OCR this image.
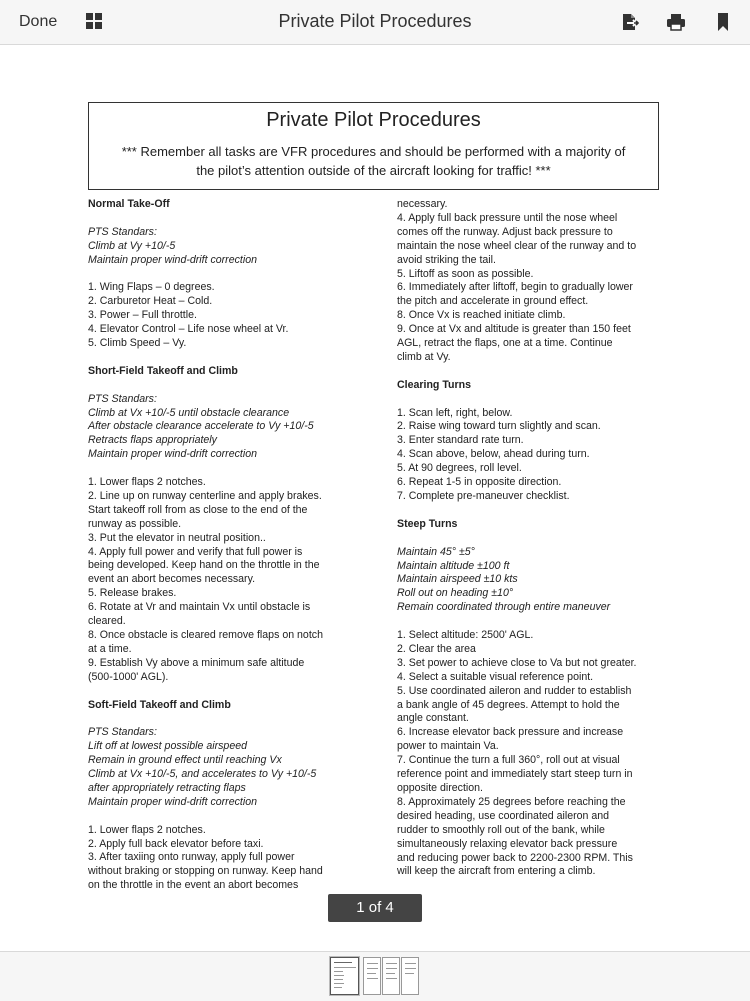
Done	Private Pilot Procedures
Private Pilot Procedures
*** Remember all tasks are VFR procedures and should be performed with a majority of
the pilot’s attention outside of the aircraft looking for traffic! ***
Normal Take-Off
PTS Standars:
Climb at Vy +10/-5
Maintain proper wind-drift correction
1. Wing Flaps – 0 degrees.
2. Carburetor Heat – Cold.
3. Power – Full throttle.
4. Elevator Control – Life nose wheel at Vr.
5. Climb Speed – Vy.
Short-Field Takeoff and Climb
PTS Standars:
Climb at Vx +10/-5 until obstacle clearance
After obstacle clearance accelerate to Vy +10/-5
Retracts flaps appropriately
Maintain proper wind-drift correction
1. Lower flaps 2 notches.
2. Line up on runway centerline and apply brakes.
Start takeoff roll from as close to the end of the
runway as possible.
3. Put the elevator in neutral position..
4. Apply full power and verify that full power is
being developed. Keep hand on the throttle in the
event an abort becomes necessary.
5. Release brakes.
6. Rotate at Vr and maintain Vx until obstacle is
cleared.
8. Once obstacle is cleared remove flaps on notch
at a time.
9. Establish Vy above a minimum safe altitude
(500-1000' AGL).
Soft-Field Takeoff and Climb
PTS Standars:
Lift off at lowest possible airspeed
Remain in ground effect until reaching Vx
Climb at Vx +10/-5, and accelerates to Vy +10/-5
after appropriately retracting flaps
Maintain proper wind-drift correction
1. Lower flaps 2 notches.
2. Apply full back elevator before taxi.
3. After taxiing onto runway, apply full power
without braking or stopping on runway. Keep hand
on the throttle in the event an abort becomes
necessary.
4. Apply full back pressure until the nose wheel
comes off the runway. Adjust back pressure to
maintain the nose wheel clear of the runway and to
avoid striking the tail.
5. Liftoff as soon as possible.
6. Immediately after liftoff, begin to gradually lower
the pitch and accelerate in ground effect.
8. Once Vx is reached initiate climb.
9. Once at Vx and altitude is greater than 150 feet
AGL, retract the flaps, one at a time. Continue
climb at Vy.
Clearing Turns
1. Scan left, right, below.
2. Raise wing toward turn slightly and scan.
3. Enter standard rate turn.
4. Scan above, below, ahead during turn.
5. At 90 degrees, roll level.
6. Repeat 1-5 in opposite direction.
7. Complete pre-maneuver checklist.
Steep Turns
Maintain 45° ±5°
Maintain altitude ±100 ft
Maintain airspeed ±10 kts
Roll out on heading ±10°
Remain coordinated through entire maneuver
1. Select altitude: 2500' AGL.
2. Clear the area
3. Set power to achieve close to Va but not greater.
4. Select a suitable visual reference point.
5. Use coordinated aileron and rudder to establish
a bank angle of 45 degrees. Attempt to hold the
angle constant.
6. Increase elevator back pressure and increase
power to maintain Va.
7. Continue the turn a full 360°, roll out at visual
reference point and immediately start steep turn in
opposite direction.
8. Approximately 25 degrees before reaching the
desired heading, use coordinated aileron and
rudder to smoothly roll out of the bank, while
simultaneously relaxing elevator back pressure
and reducing power back to 2200-2300 RPM. This
will keep the aircraft from entering a climb.
1 of 4
